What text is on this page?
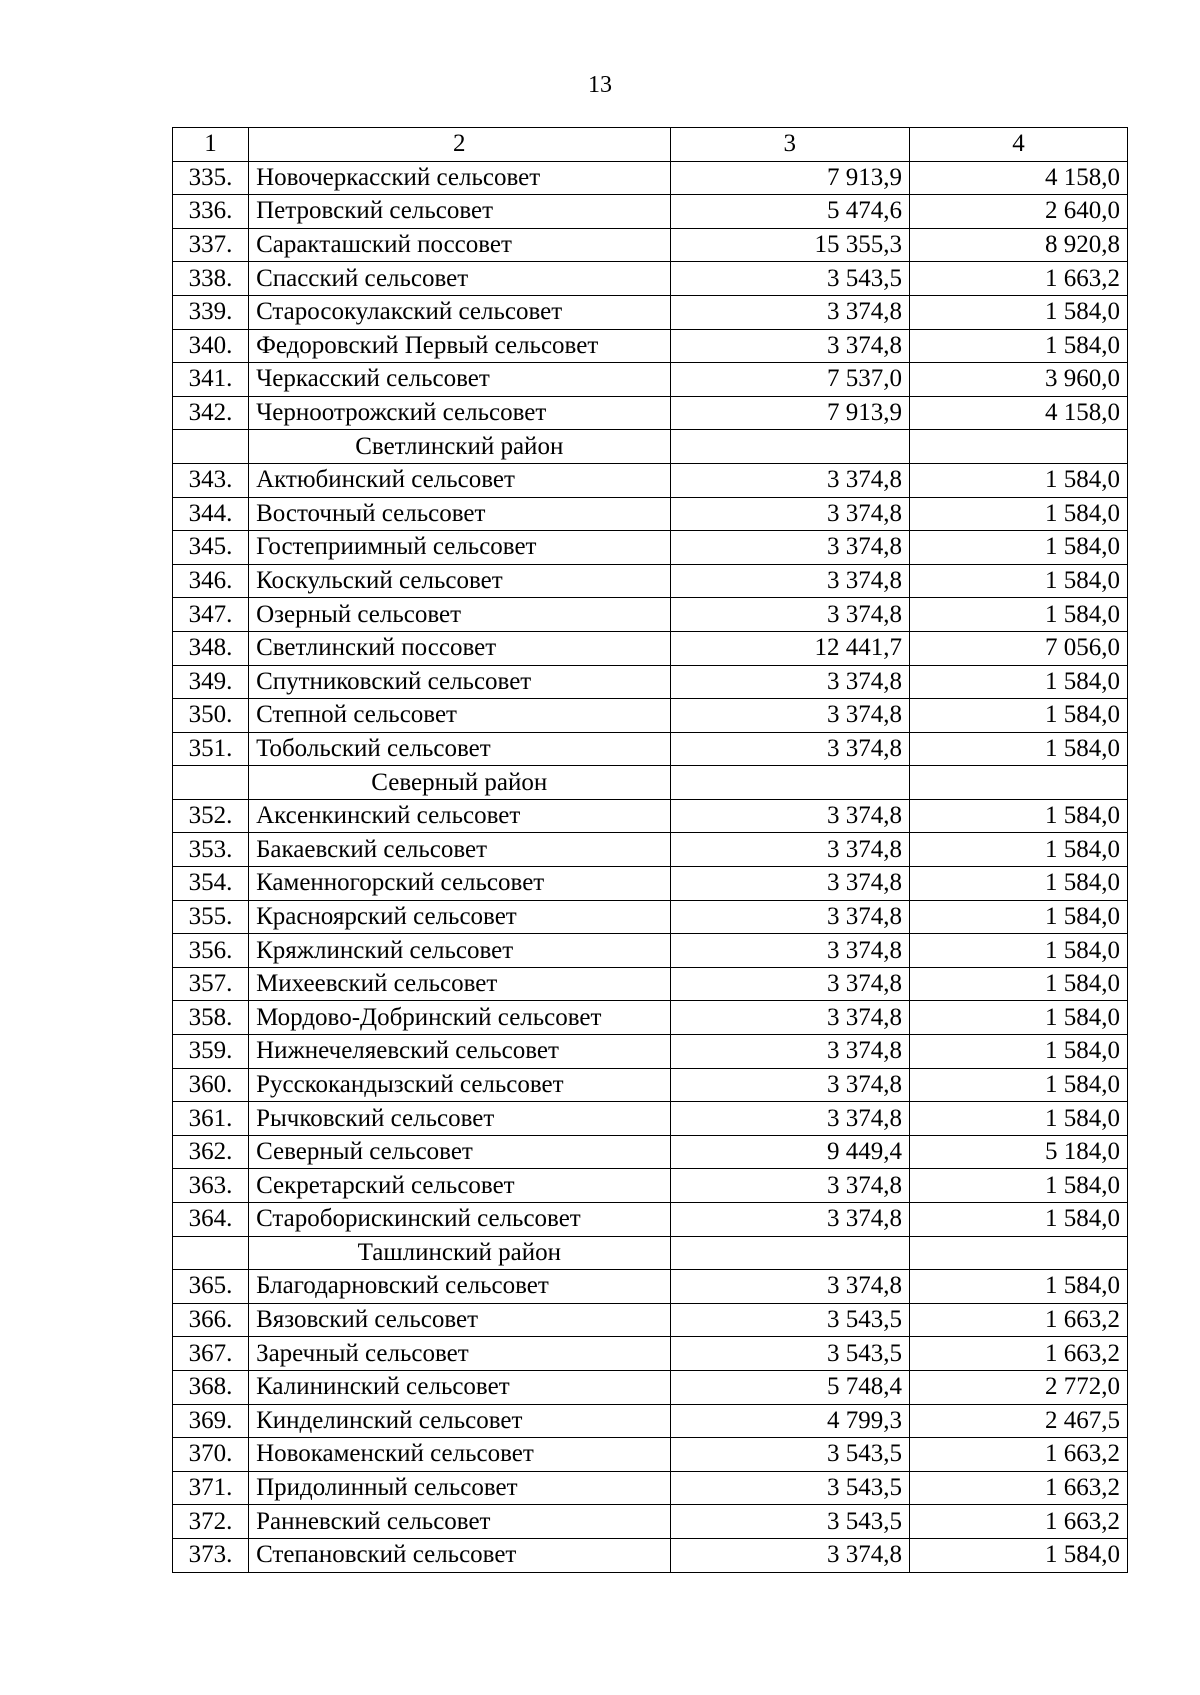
13
1	2	3	4
335.	Новочеркасский сельсовет	7 913,9	4 158,0
336.	Петровский сельсовет	5 474,6	2 640,0
337.	Саракташский поссовет	15 355,3	8 920,8
338.	Спасский сельсовет	3 543,5	1 663,2
339.	Старосокулакский сельсовет	3 374,8	1 584,0
340.	Федоровский Первый сельсовет	3 374,8	1 584,0
341.	Черкасский сельсовет	7 537,0	3 960,0
342.	Черноотрожский сельсовет	7 913,9	4 158,0
	Светлинский район		
343.	Актюбинский сельсовет	3 374,8	1 584,0
344.	Восточный сельсовет	3 374,8	1 584,0
345.	Гостеприимный сельсовет	3 374,8	1 584,0
346.	Коскульский сельсовет	3 374,8	1 584,0
347.	Озерный сельсовет	3 374,8	1 584,0
348.	Светлинский поссовет	12 441,7	7 056,0
349.	Спутниковский сельсовет	3 374,8	1 584,0
350.	Степной сельсовет	3 374,8	1 584,0
351.	Тобольский сельсовет	3 374,8	1 584,0
	Северный район		
352.	Аксенкинский сельсовет	3 374,8	1 584,0
353.	Бакаевский сельсовет	3 374,8	1 584,0
354.	Каменногорский сельсовет	3 374,8	1 584,0
355.	Красноярский сельсовет	3 374,8	1 584,0
356.	Кряжлинский сельсовет	3 374,8	1 584,0
357.	Михеевский сельсовет	3 374,8	1 584,0
358.	Мордово-Добринский сельсовет	3 374,8	1 584,0
359.	Нижнечеляевский сельсовет	3 374,8	1 584,0
360.	Русскокандызский сельсовет	3 374,8	1 584,0
361.	Рычковский сельсовет	3 374,8	1 584,0
362.	Северный сельсовет	9 449,4	5 184,0
363.	Секретарский сельсовет	3 374,8	1 584,0
364.	Староборискинский сельсовет	3 374,8	1 584,0
	Ташлинский район		
365.	Благодарновский сельсовет	3 374,8	1 584,0
366.	Вязовский сельсовет	3 543,5	1 663,2
367.	Заречный сельсовет	3 543,5	1 663,2
368.	Калининский сельсовет	5 748,4	2 772,0
369.	Кинделинский сельсовет	4 799,3	2 467,5
370.	Новокаменский сельсовет	3 543,5	1 663,2
371.	Придолинный сельсовет	3 543,5	1 663,2
372.	Ранневский сельсовет	3 543,5	1 663,2
373.	Степановский сельсовет	3 374,8	1 584,0
